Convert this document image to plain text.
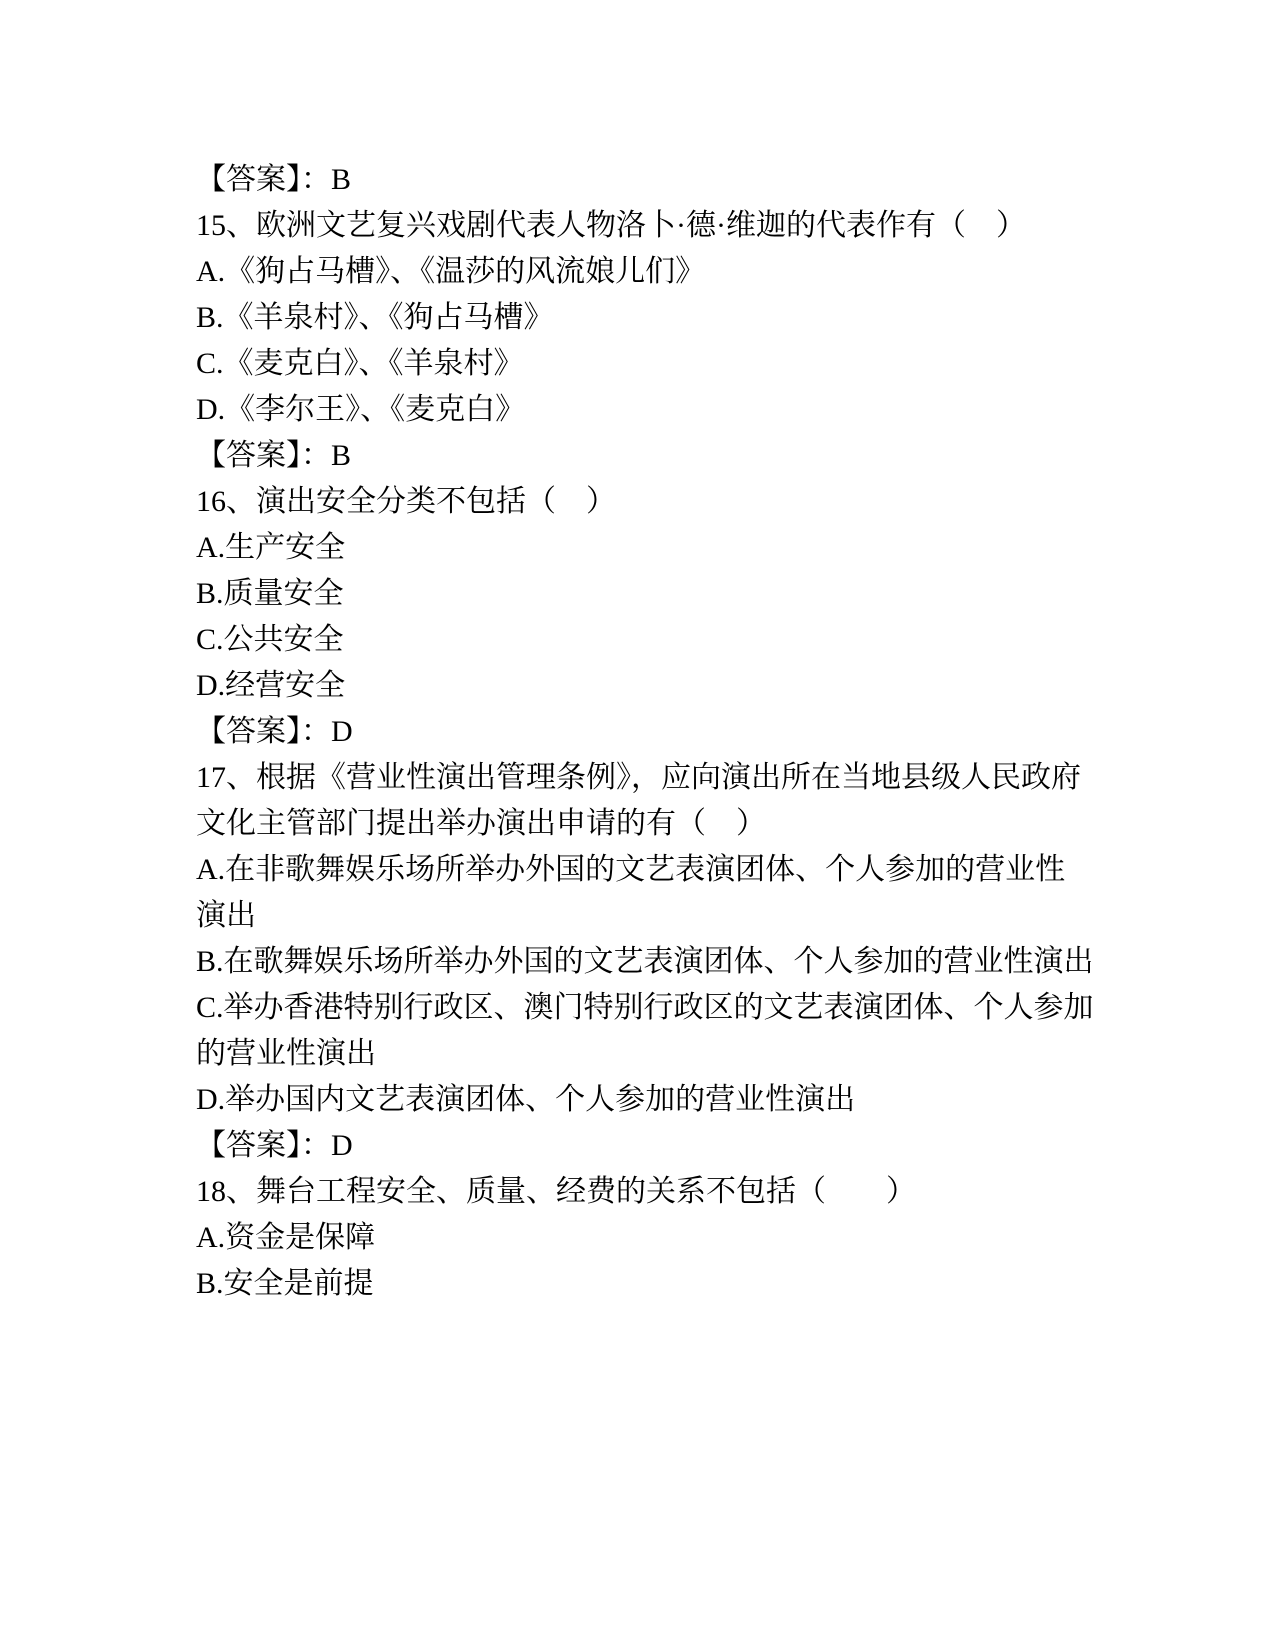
【答案】：B

15、欧洲文艺复兴戏剧代表人物洛卜·德·维迦的代表作有（　）

A.《狗占马槽》、《温莎的风流娘儿们》

B.《羊泉村》、《狗占马槽》

C.《麦克白》、《羊泉村》

D.《李尔王》、《麦克白》

【答案】：B

16、演出安全分类不包括（　）

A.生产安全

B.质量安全

C.公共安全

D.经营安全

【答案】：D

17、根据《营业性演出管理条例》，应向演出所在当地县级人民政府文化主管部门提出举办演出申请的有（　）

A.在非歌舞娱乐场所举办外国的文艺表演团体、个人参加的营业性演出

B.在歌舞娱乐场所举办外国的文艺表演团体、个人参加的营业性演出

C.举办香港特别行政区、澳门特别行政区的文艺表演团体、个人参加的营业性演出

D.举办国内文艺表演团体、个人参加的营业性演出

【答案】：D

18、舞台工程安全、质量、经费的关系不包括（　　）

A.资金是保障

B.安全是前提
